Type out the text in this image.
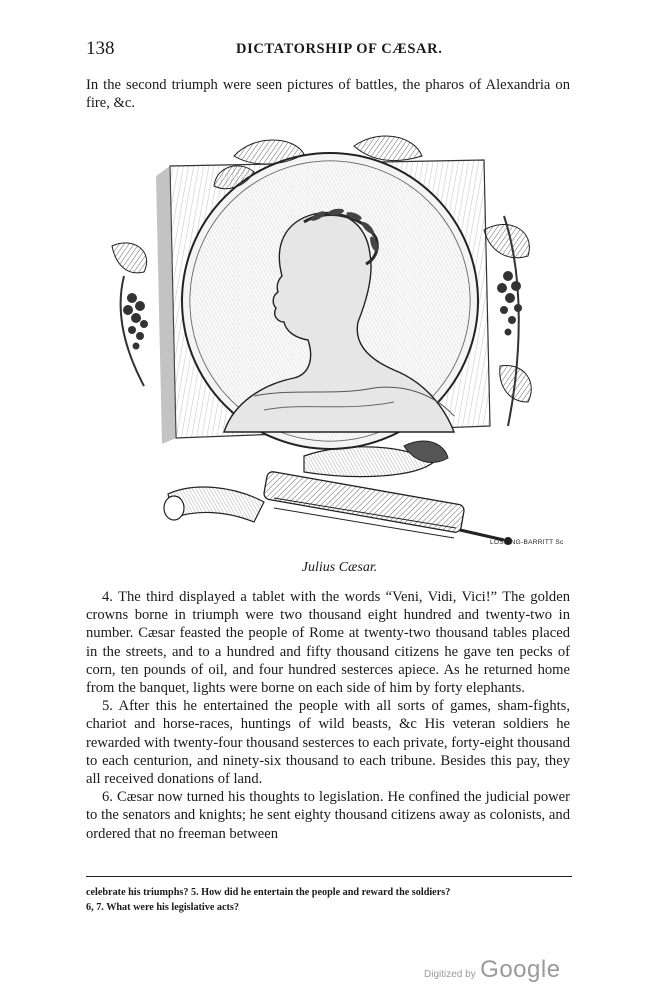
138	DICTATORSHIP OF CÆSAR.

In the second triumph were seen pictures of battles, the pharos of Alexandria on fire, &c.

LOSSING-BARRITT Sc
Julius Cæsar.

4. The third displayed a tablet with the words “Veni, Vidi, Vici!” The golden crowns borne in triumph were two thousand eight hundred and twenty-two in number. Cæsar feasted the people of Rome at twenty-two thousand tables placed in the streets, and to a hundred and fifty thousand citizens he gave ten pecks of corn, ten pounds of oil, and four hundred sesterces apiece. As he returned home from the banquet, lights were borne on each side of him by forty elephants.

5. After this he entertained the people with all sorts of games, sham-fights, chariot and horse-races, huntings of wild beasts, &c His veteran soldiers he rewarded with twenty-four thousand sesterces to each private, forty-eight thousand to each centurion, and ninety-six thousand to each tribune. Besides this pay, they all received donations of land.

6. Cæsar now turned his thoughts to legislation. He confined the judicial power to the senators and knights; he sent eighty thousand citizens away as colonists, and ordered that no freeman between

celebrate his triumphs? 5. How did he entertain the people and reward the soldiers?

6, 7. What were his legislative acts?

Digitized by Google
